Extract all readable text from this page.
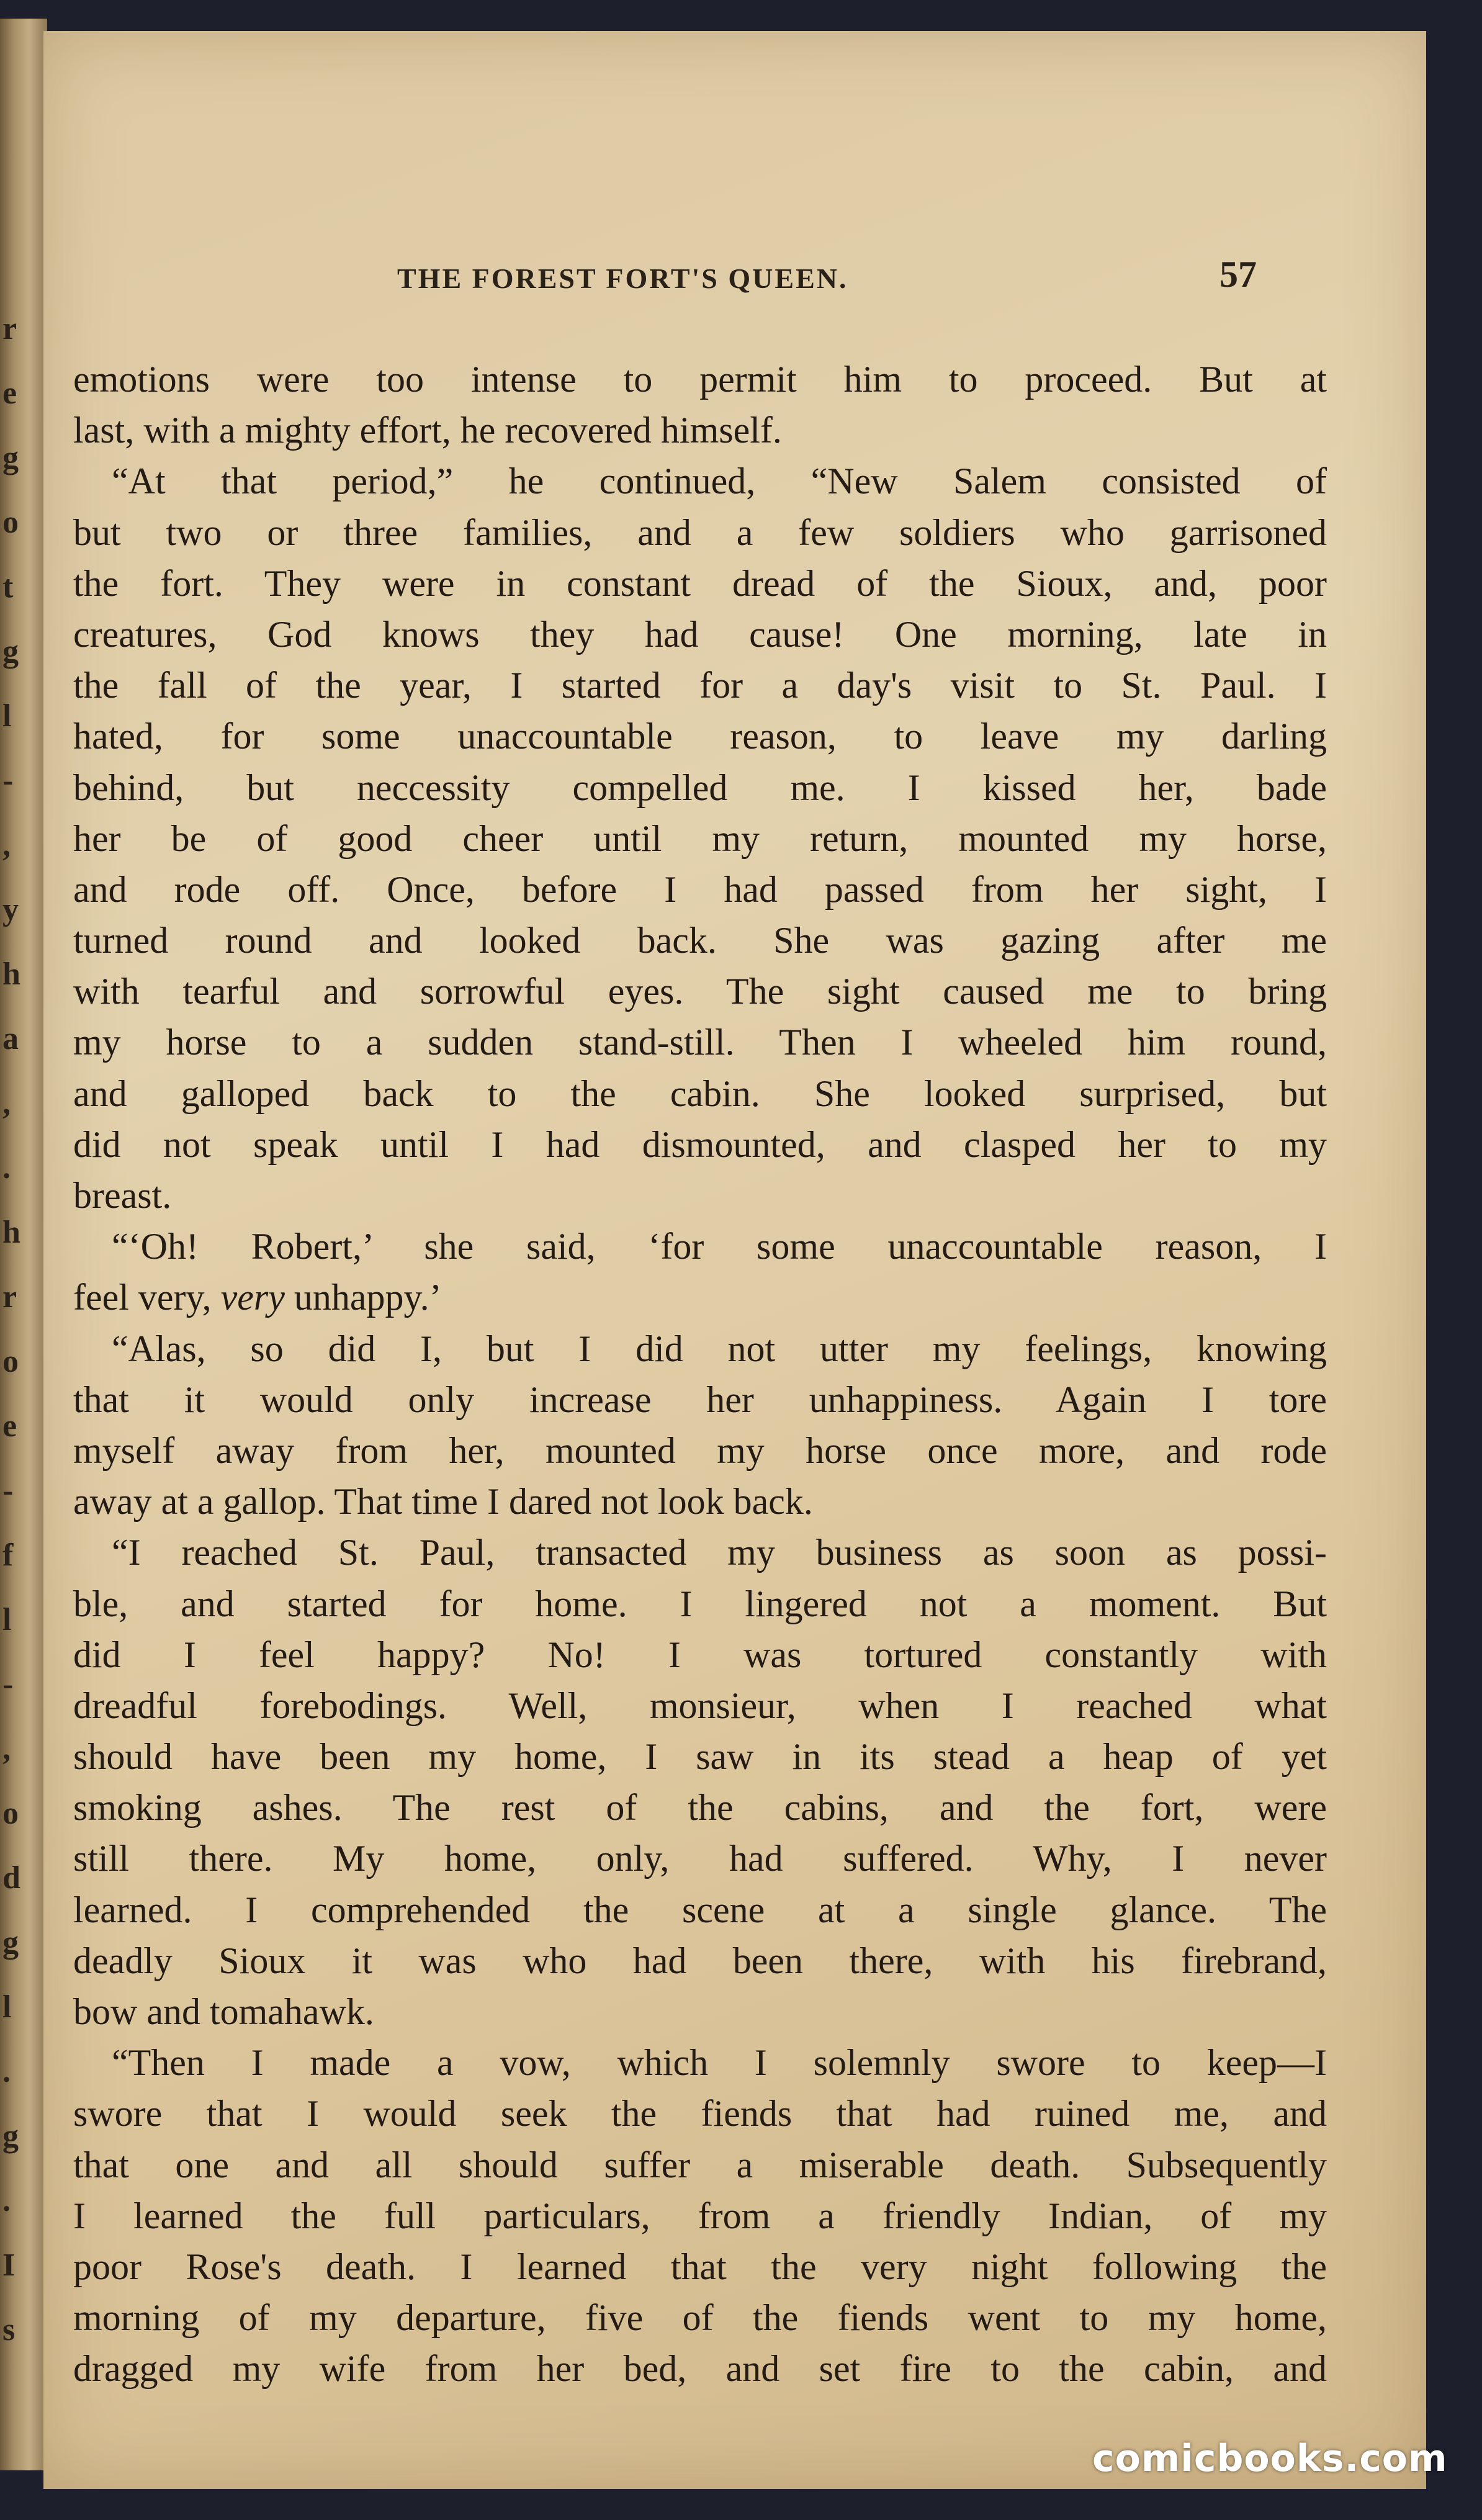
r
e
g
o
t
g
l
-
,
y
h
a
,
.
h
r
o
e
-
f
l
-
,
o
d
g
l
.
g
.
I
s

THE FOREST FORT'S QUEEN.	57

emotions were too intense to permit him to proceed. But at
last, with a mighty effort, he recovered himself.
“At that period,” he continued, “New Salem consisted of
but two or three families, and a few soldiers who garrisoned
the fort. They were in constant dread of the Sioux, and, poor
creatures, God knows they had cause! One morning, late in
the fall of the year, I started for a day's visit to St. Paul. I
hated, for some unaccountable reason, to leave my darling
behind, but neccessity compelled me. I kissed her, bade
her be of good cheer until my return, mounted my horse,
and rode off. Once, before I had passed from her sight, I
turned round and looked back. She was gazing after me
with tearful and sorrowful eyes. The sight caused me to bring
my horse to a sudden stand-still. Then I wheeled him round,
and galloped back to the cabin. She looked surprised, but
did not speak until I had dismounted, and clasped her to my
breast.
“‘Oh! Robert,’ she said, ‘for some unaccountable reason, I
feel very, very unhappy.’
“Alas, so did I, but I did not utter my feelings, knowing
that it would only increase her unhappiness. Again I tore
myself away from her, mounted my horse once more, and rode
away at a gallop. That time I dared not look back.
“I reached St. Paul, transacted my business as soon as possi-
ble, and started for home. I lingered not a moment. But
did I feel happy? No! I was tortured constantly with
dreadful forebodings. Well, monsieur, when I reached what
should have been my home, I saw in its stead a heap of yet
smoking ashes. The rest of the cabins, and the fort, were
still there. My home, only, had suffered. Why, I never
learned. I comprehended the scene at a single glance. The
deadly Sioux it was who had been there, with his firebrand,
bow and tomahawk.
“Then I made a vow, which I solemnly swore to keep—I
swore that I would seek the fiends that had ruined me, and
that one and all should suffer a miserable death. Subsequently
I learned the full particulars, from a friendly Indian, of my
poor Rose's death. I learned that the very night following the
morning of my departure, five of the fiends went to my home,
dragged my wife from her bed, and set fire to the cabin, and

comicbooks.com
